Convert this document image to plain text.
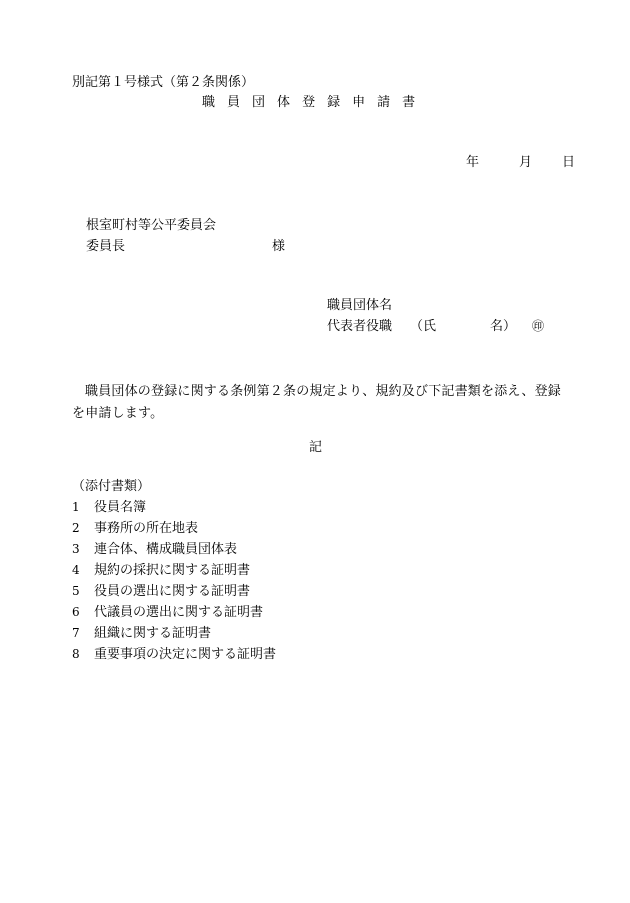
別記第１号様式（第２条関係）
職 員 団 体 登 録 申 請 書
年	月 日
根室町村等公平委員会
委員長	様
職員団体名
代表者役職 （氏	名） ㊞
職員団体の登録に関する条例第２条の規定より、規約及び下記書類を添え、登録を申請します。
記
（添付書類）
1 役員名簿
2 事務所の所在地表
3 連合体、構成職員団体表
4 規約の採択に関する証明書
5 役員の選出に関する証明書
6 代議員の選出に関する証明書
7 組織に関する証明書
8 重要事項の決定に関する証明書
